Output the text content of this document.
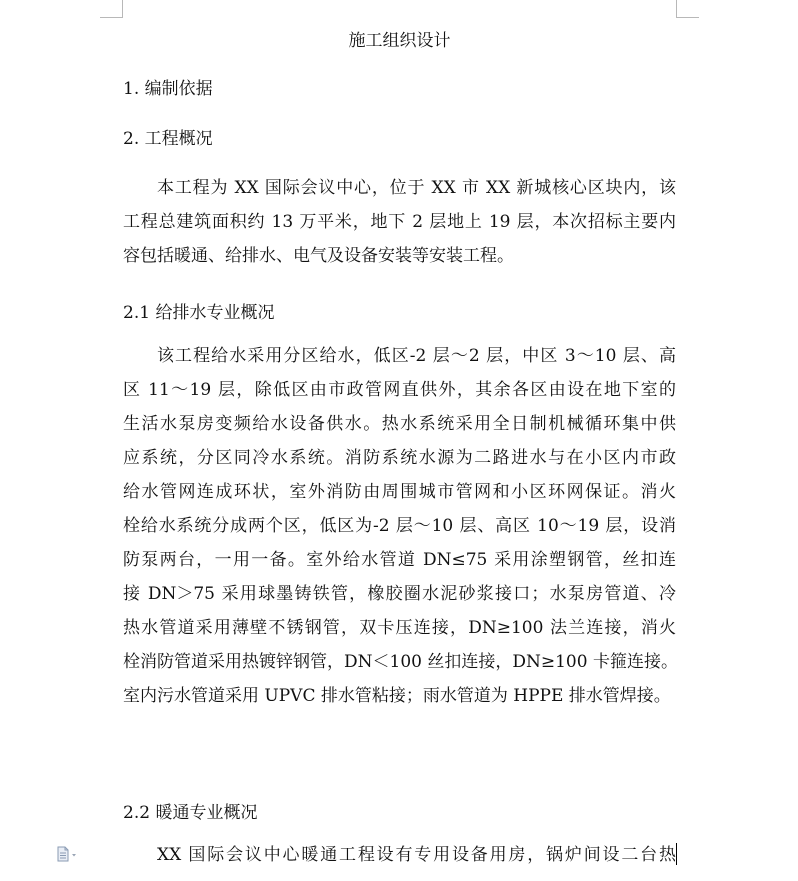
施工组织设计
1. 编制依据
2. 工程概况
本工程为 XX 国际会议中心，位于 XX 市 XX 新城核心区块内，该
工程总建筑面积约 13 万平米，地下 2 层地上 19 层，本次招标主要内
容包括暖通、给排水、电气及设备安装等安装工程。
2.1 给排水专业概况
该工程给水采用分区给水，低区-2 层～2 层，中区 3～10 层、高
区 11～19 层，除低区由市政管网直供外，其余各区由设在地下室的
生活水泵房变频给水设备供水。热水系统采用全日制机械循环集中供
应系统，分区同冷水系统。消防系统水源为二路进水与在小区内市政
给水管网连成环状，室外消防由周围城市管网和小区环网保证。消火
栓给水系统分成两个区，低区为-2 层～10 层、高区 10～19 层，设消
防泵两台，一用一备。室外给水管道 DN≤75 采用涂塑钢管，丝扣连
接 DN＞75 采用球墨铸铁管，橡胶圈水泥砂浆接口；水泵房管道、冷
热水管道采用薄壁不锈钢管，双卡压连接，DN≥100 法兰连接，消火
栓消防管道采用热镀锌钢管，DN＜100 丝扣连接，DN≥100 卡箍连接。
室内污水管道采用 UPVC 排水管粘接；雨水管道为 HPPE 排水管焊接。
2.2 暖通专业概况
XX 国际会议中心暖通工程设有专用设备用房，锅炉间设二台热
